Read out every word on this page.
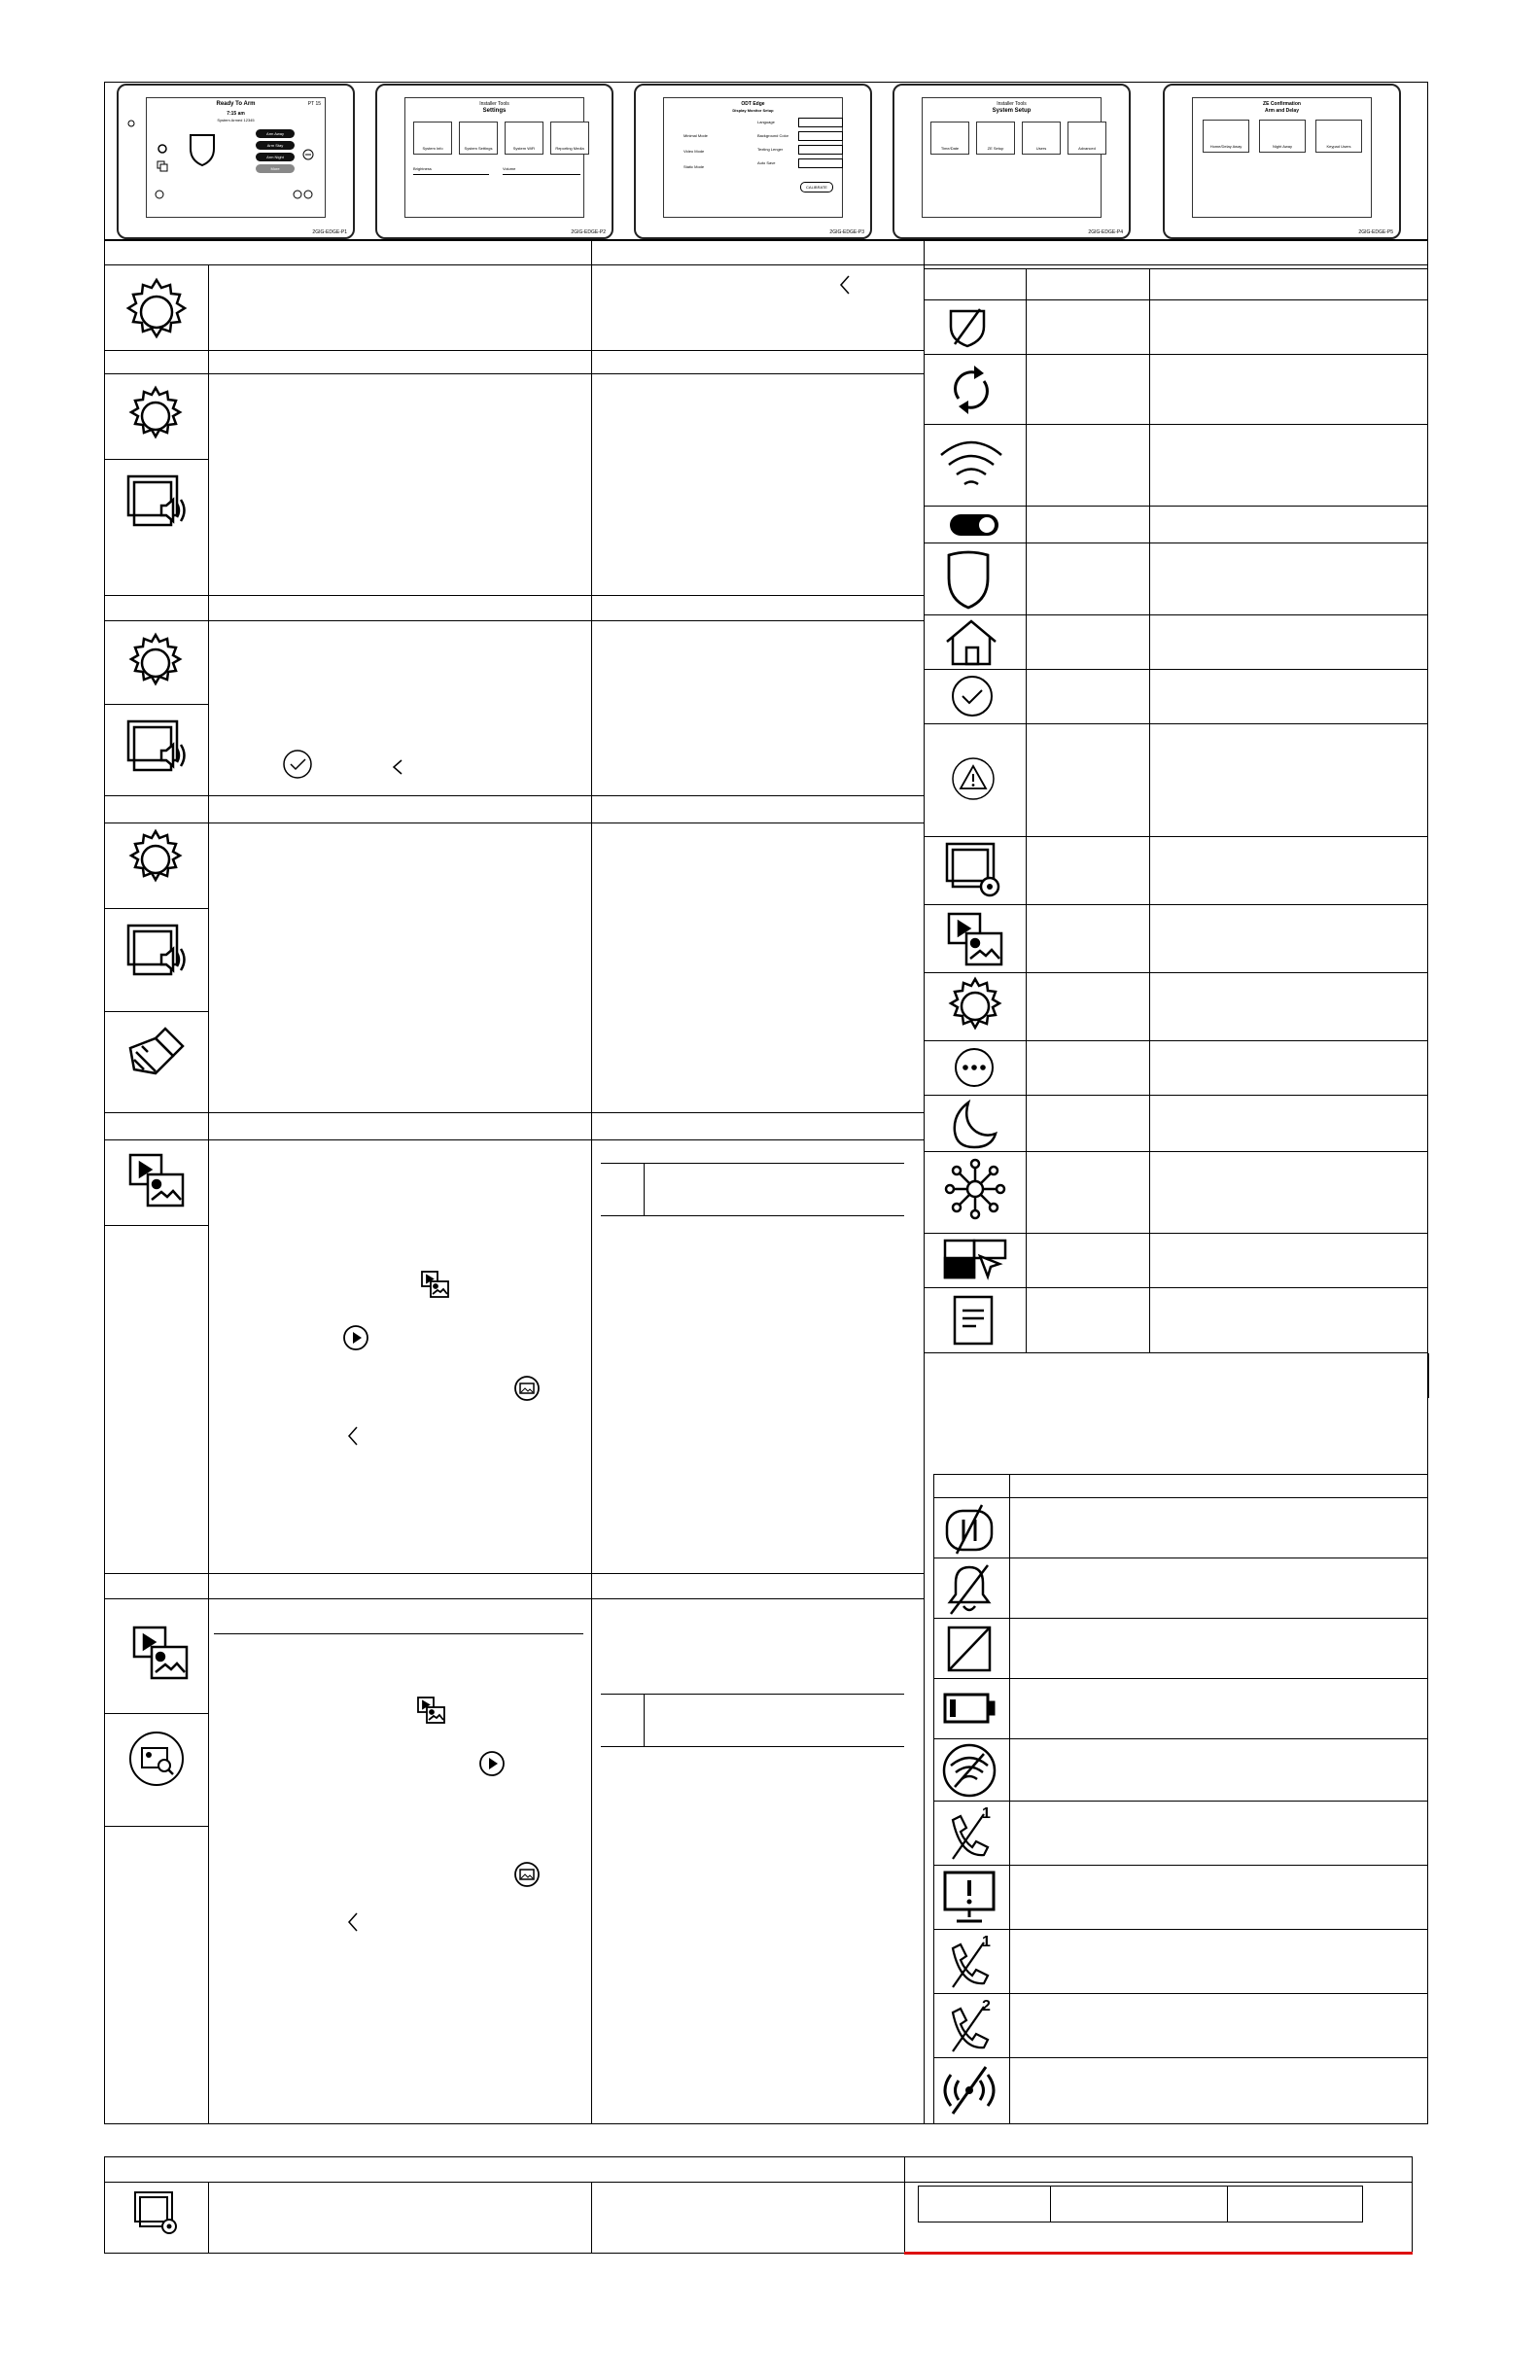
Ready To Arm	PT 15
7:15 am
System Armed 12345
Arm Away
Arm Stay
Arm Night
More
2GIG-EDGE-P1
Installer Tools
Settings
System Info	System Settings	System WiFi	Reporting Media
Brightness	Volume
2GIG-EDGE-P2
ODT Edge
Display Monitor Setup
Minimal Mode
Video Mode
Static Mode
Language
Background Color
Texting Lenger
Auto Save
CALIBRATE
2GIG-EDGE-P3
Installer Tools
System Setup
Time/Date	ZE Setup	Users	Advanced
2GIG-EDGE-P4
ZE Confirmation
Arm and Delay
Home/Delay Away	Night Away	Keypad Users
2GIG-EDGE-P5
1
1
2
